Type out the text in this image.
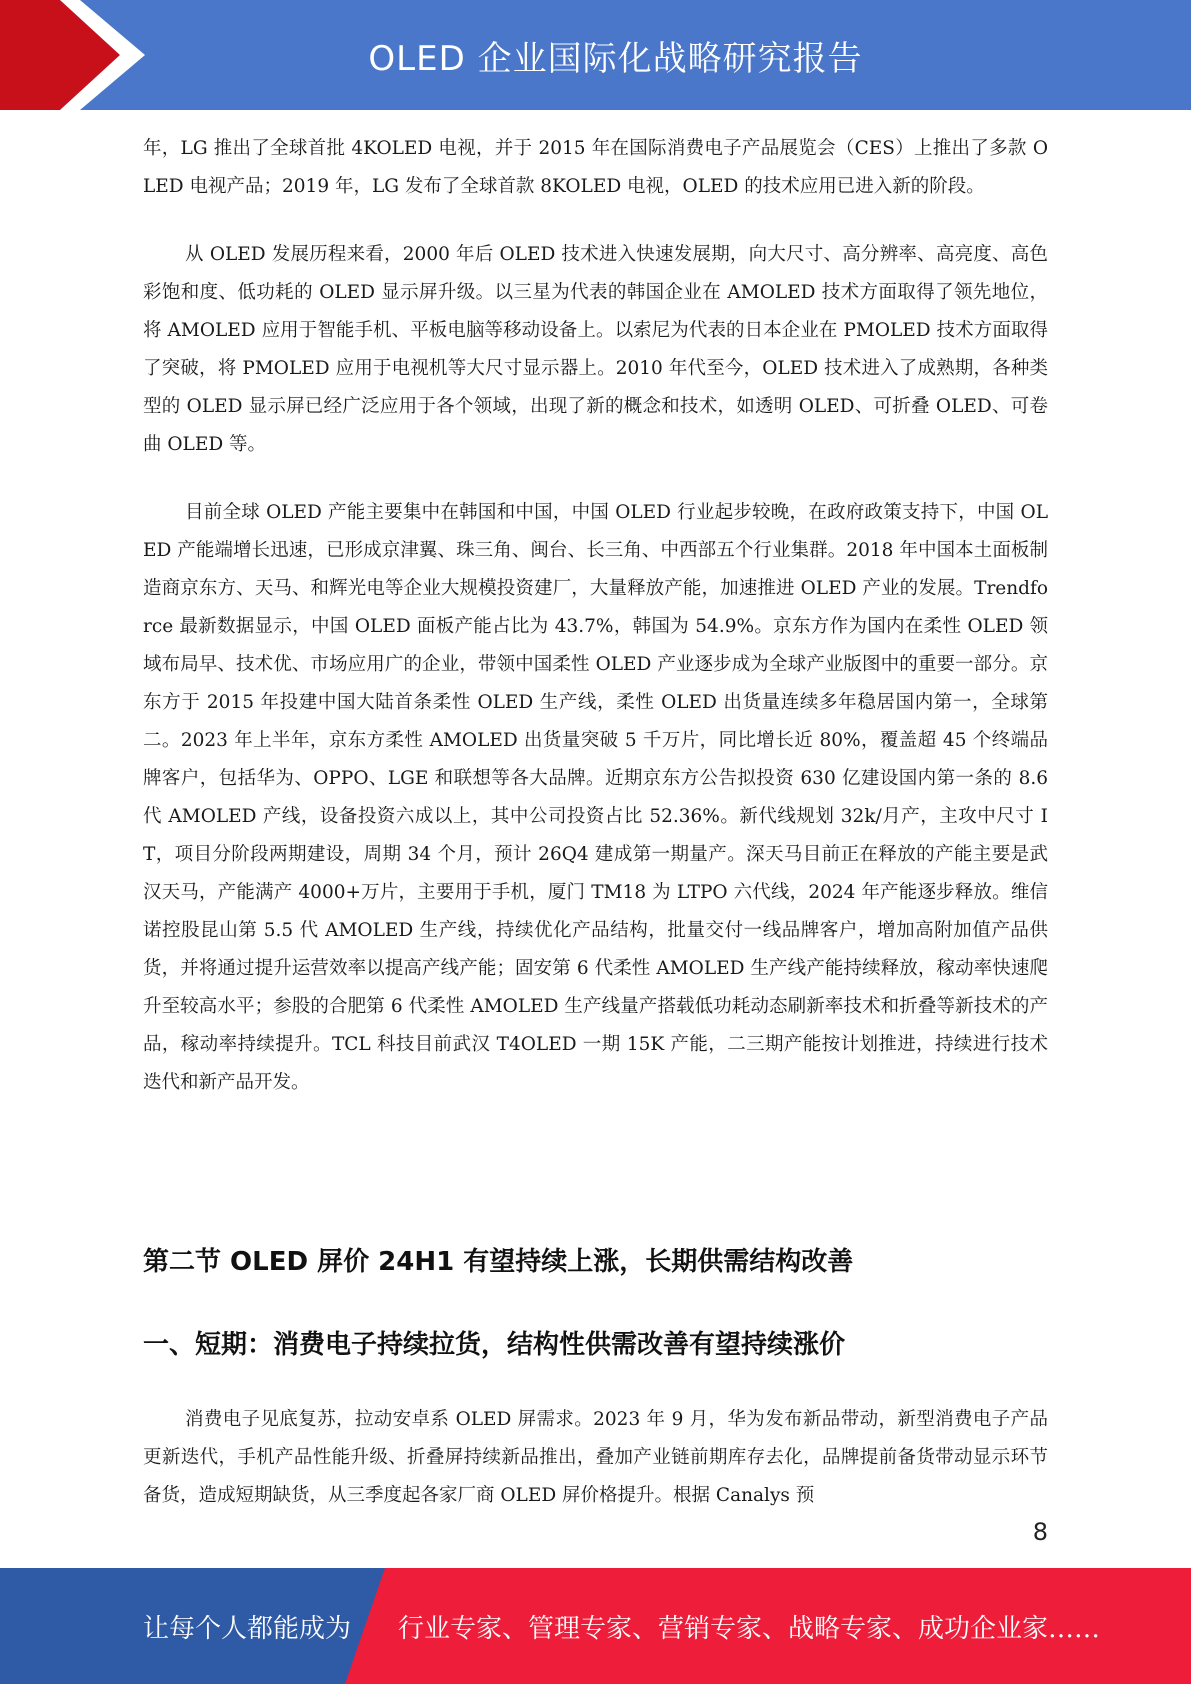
OLED 企业国际化战略研究报告

年，LG 推出了全球首批 4KOLED 电视，并于 2015 年在国际消费电子产品展览会（CES）上推出了多款 OLED 电视产品；2019 年，LG 发布了全球首款 8KOLED 电视，OLED 的技术应用已进入新的阶段。

从 OLED 发展历程来看，2000 年后 OLED 技术进入快速发展期，向大尺寸、高分辨率、高亮度、高色彩饱和度、低功耗的 OLED 显示屏升级。以三星为代表的韩国企业在 AMOLED 技术方面取得了领先地位，将 AMOLED 应用于智能手机、平板电脑等移动设备上。以索尼为代表的日本企业在 PMOLED 技术方面取得了突破，将 PMOLED 应用于电视机等大尺寸显示器上。2010 年代至今，OLED 技术进入了成熟期，各种类型的 OLED 显示屏已经广泛应用于各个领域，出现了新的概念和技术，如透明 OLED、可折叠 OLED、可卷曲 OLED 等。

目前全球 OLED 产能主要集中在韩国和中国，中国 OLED 行业起步较晚，在政府政策支持下，中国 OLED 产能端增长迅速，已形成京津翼、珠三角、闽台、长三角、中西部五个行业集群。2018 年中国本土面板制造商京东方、天马、和辉光电等企业大规模投资建厂，大量释放产能，加速推进 OLED 产业的发展。Trendforce 最新数据显示，中国 OLED 面板产能占比为 43.7%，韩国为 54.9%。京东方作为国内在柔性 OLED 领域布局早、技术优、市场应用广的企业，带领中国柔性 OLED 产业逐步成为全球产业版图中的重要一部分。京东方于 2015 年投建中国大陆首条柔性 OLED 生产线，柔性 OLED 出货量连续多年稳居国内第一，全球第二。2023 年上半年，京东方柔性 AMOLED 出货量突破 5 千万片，同比增长近 80%，覆盖超 45 个终端品牌客户，包括华为、OPPO、LGE 和联想等各大品牌。近期京东方公告拟投资 630 亿建设国内第一条的 8.6 代 AMOLED 产线，设备投资六成以上，其中公司投资占比 52.36%。新代线规划 32k/月产，主攻中尺寸 IT，项目分阶段两期建设，周期 34 个月，预计 26Q4 建成第一期量产。深天马目前正在释放的产能主要是武汉天马，产能满产 4000+万片，主要用于手机，厦门 TM18 为 LTPO 六代线，2024 年产能逐步释放。维信诺控股昆山第 5.5 代 AMOLED 生产线，持续优化产品结构，批量交付一线品牌客户，增加高附加值产品供货，并将通过提升运营效率以提高产线产能；固安第 6 代柔性 AMOLED 生产线产能持续释放，稼动率快速爬升至较高水平；参股的合肥第 6 代柔性 AMOLED 生产线量产搭载低功耗动态刷新率技术和折叠等新技术的产品，稼动率持续提升。TCL 科技目前武汉 T4OLED 一期 15K 产能，二三期产能按计划推进，持续进行技术迭代和新产品开发。

第二节 OLED 屏价 24H1 有望持续上涨，长期供需结构改善
一、短期：消费电子持续拉货，结构性供需改善有望持续涨价

消费电子见底复苏，拉动安卓系 OLED 屏需求。2023 年 9 月，华为发布新品带动，新型消费电子产品更新迭代，手机产品性能升级、折叠屏持续新品推出，叠加产业链前期库存去化，品牌提前备货带动显示环节备货，造成短期缺货，从三季度起各家厂商 OLED 屏价格提升。根据 Canalys 预

8
让每个人都能成为 行业专家、管理专家、营销专家、战略专家、成功企业家……
